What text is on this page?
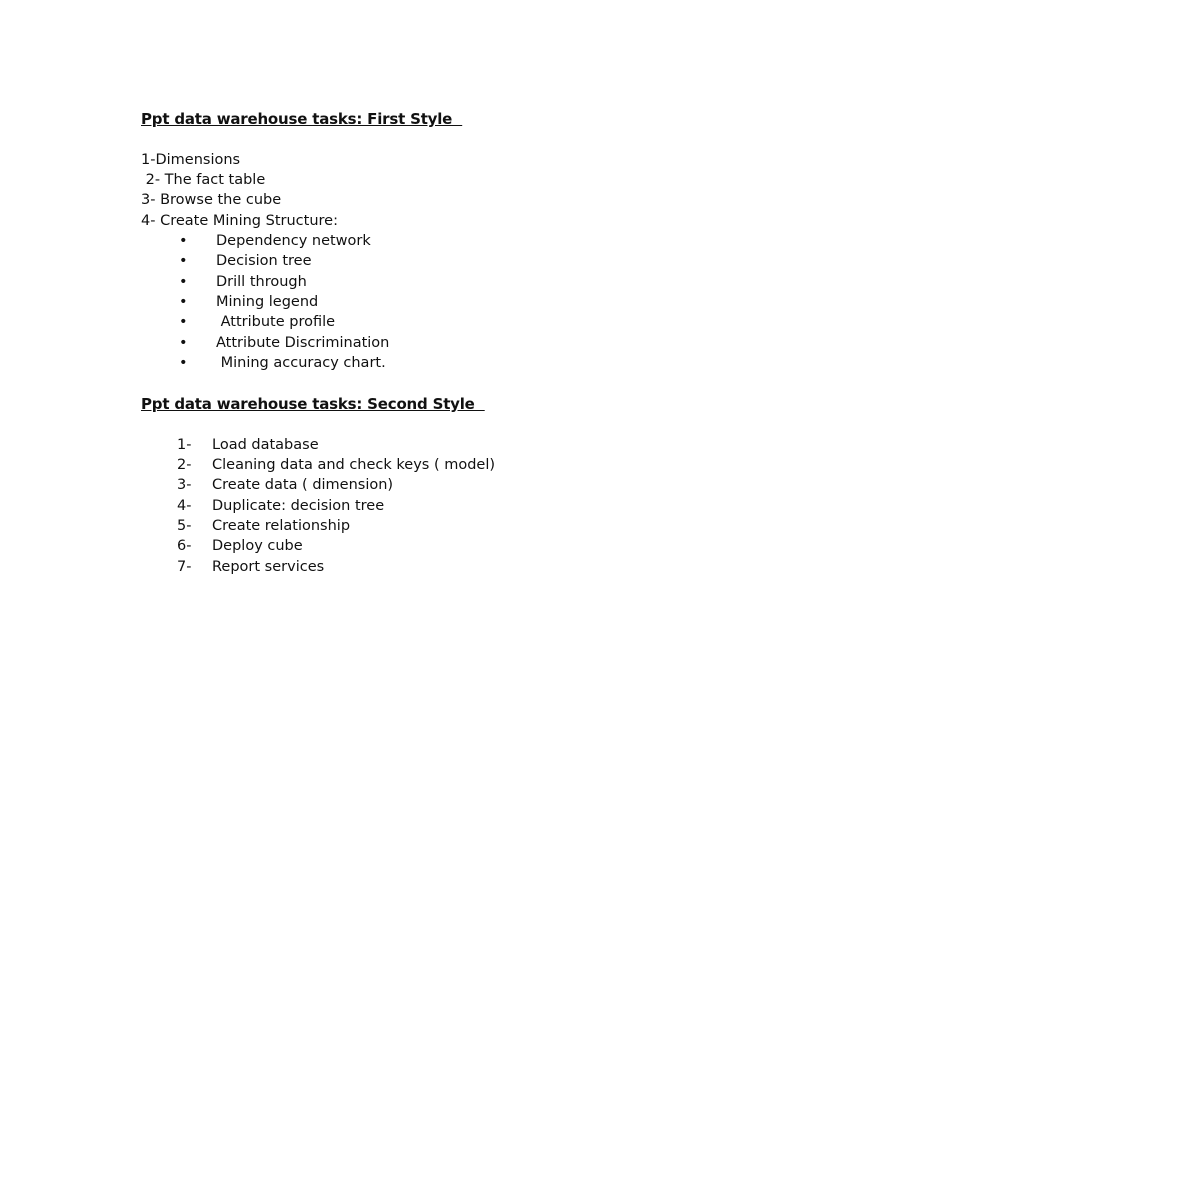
Ppt data warehouse tasks: First Style
1-Dimensions
2- The fact table
3- Browse the cube
4- Create Mining Structure:
• Dependency network
• Decision tree
• Drill through
• Mining legend
• Attribute profile
• Attribute Discrimination
• Mining accuracy chart.
Ppt data warehouse tasks: Second Style
1- Load database
2- Cleaning data and check keys ( model)
3- Create data ( dimension)
4- Duplicate: decision tree
5- Create relationship
6- Deploy cube
7- Report services
